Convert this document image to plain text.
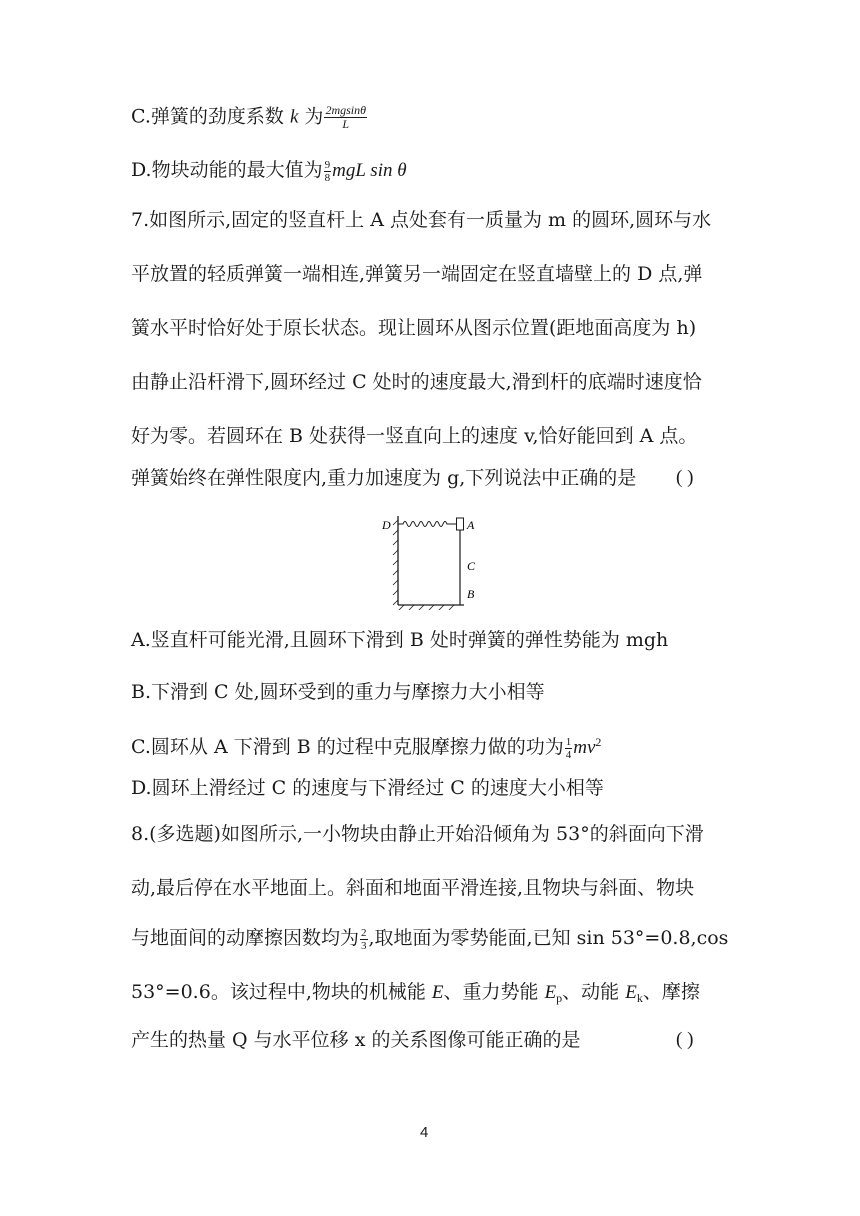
C.弹簧的劲度系数 k 为 $\frac{2mgsin\theta}{L}$
D.物块动能的最大值为 $\frac{9}{8}$ mgL sin θ
7.如图所示,固定的竖直杆上 A 点处套有一质量为 m 的圆环,圆环与水
平放置的轻质弹簧一端相连,弹簧另一端固定在竖直墙壁上的 D 点,弹
簧水平时恰好处于原长状态。现让圆环从图示位置(距地面高度为 h)
由静止沿杆滑下,圆环经过 C 处时的速度最大,滑到杆的底端时速度恰
好为零。若圆环在 B 处获得一竖直向上的速度 v,恰好能回到 A 点。
弹簧始终在弹性限度内,重力加速度为 g,下列说法中正确的是 ( )
D	A
C
B
A.竖直杆可能光滑,且圆环下滑到 B 处时弹簧的弹性势能为 mgh
B.下滑到 C 处,圆环受到的重力与摩擦力大小相等
C.圆环从 A 下滑到 B 的过程中克服摩擦力做的功为 $\frac{1}{4} mv^2$
D.圆环上滑经过 C 的速度与下滑经过 C 的速度大小相等
8.(多选题)如图所示,一小物块由静止开始沿倾角为 53°的斜面向下滑
动,最后停在水平地面上。斜面和地面平滑连接,且物块与斜面、物块
与地面间的动摩擦因数均为 $\frac{2}{3}$ ,取地面为零势能面,已知 sin 53°=0.8,cos
53°=0.6。该过程中,物块的机械能 E、重力势能 $E_p$、动能 $E_k$、摩擦
产生的热量 Q 与水平位移 x 的关系图像可能正确的是	( )
4
